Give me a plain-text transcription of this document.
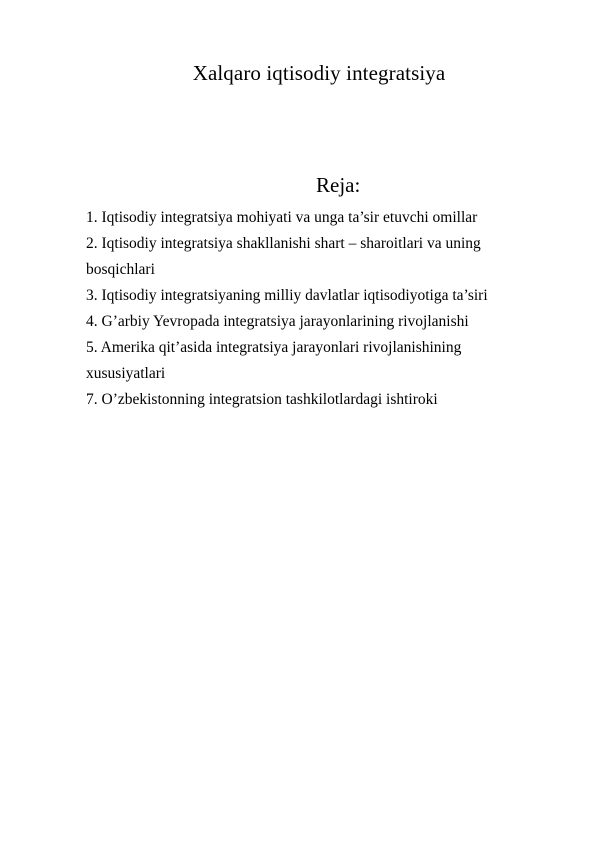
Xalqaro iqtisodiy integratsiya
Reja:
1. Iqtisodiy integratsiya mohiyati va unga ta’sir etuvchi omillar
2. Iqtisodiy integratsiya shakllanishi shart – sharoitlari va uning bosqichlari
3. Iqtisodiy integratsiyaning milliy davlatlar iqtisodiyotiga ta’siri
4. G’arbiy Yevropada integratsiya jarayonlarining rivojlanishi
5. Amerika qit’asida integratsiya jarayonlari rivojlanishining xususiyatlari
7. O’zbekistonning integratsion tashkilotlardagi ishtiroki
